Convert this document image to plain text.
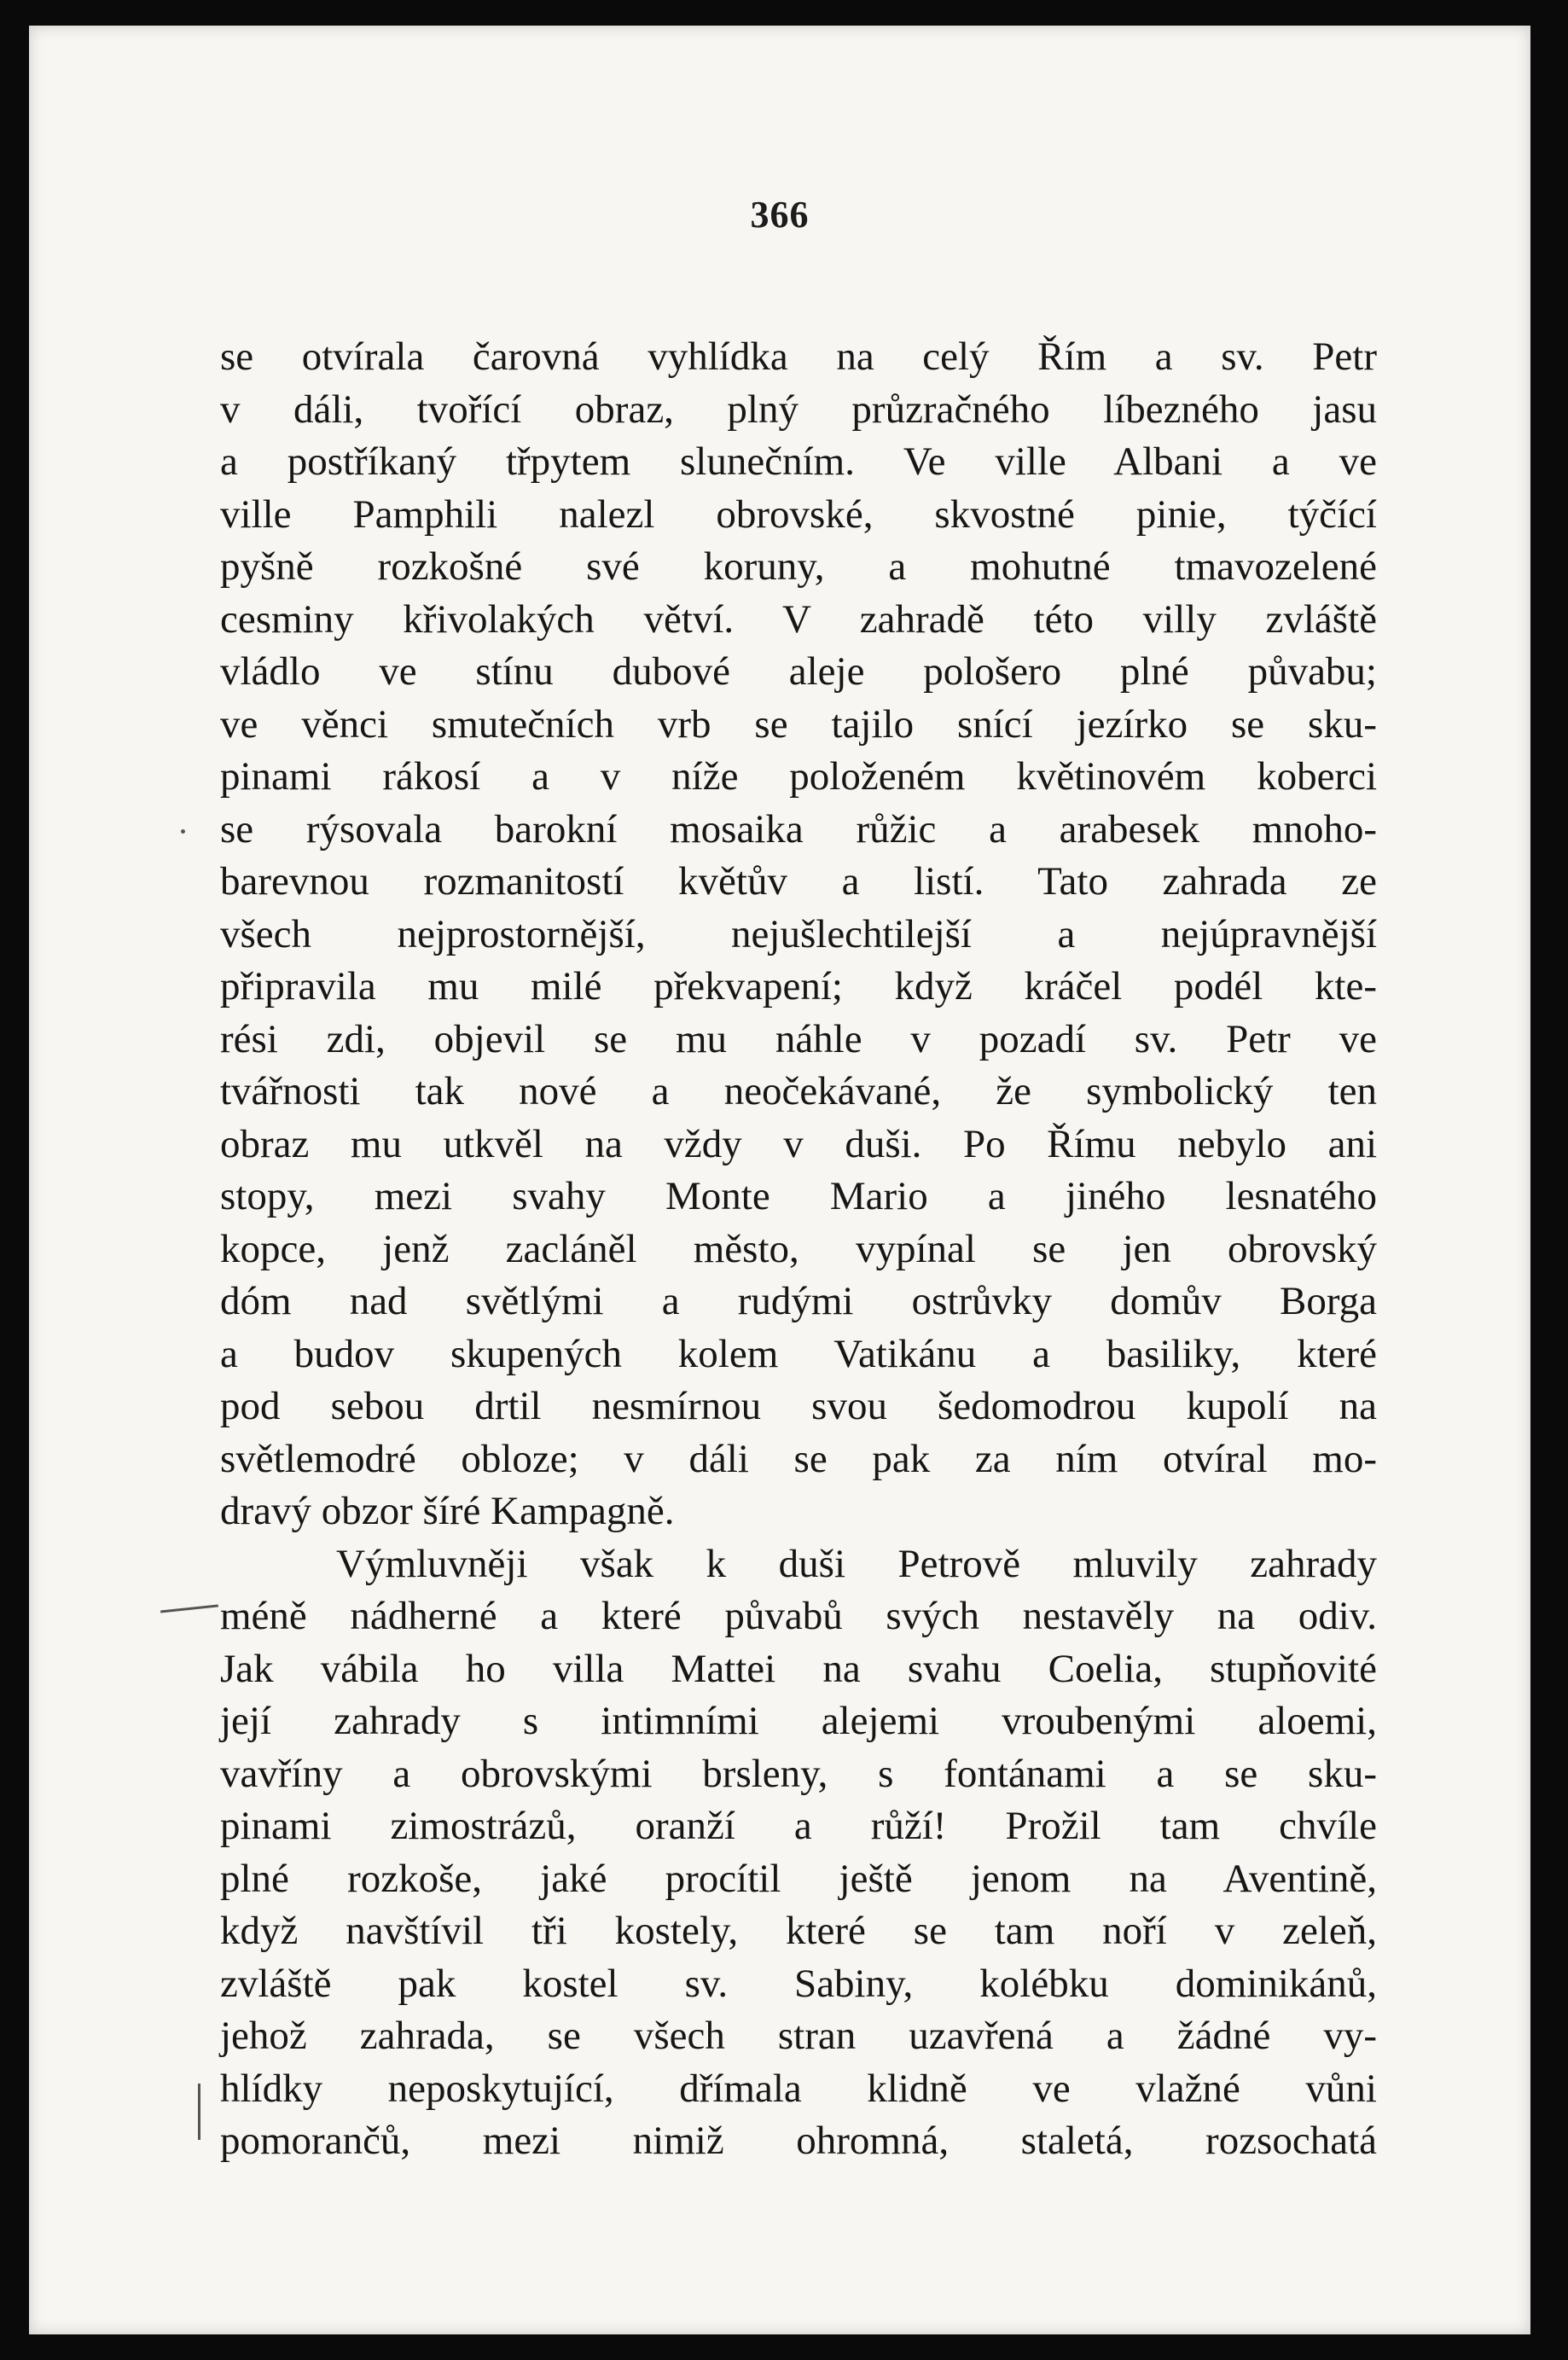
366
se otvírala čarovná vyhlídka na celý Řím a sv. Petr
v dáli, tvořící obraz, plný průzračného líbezného jasu
a postříkaný třpytem slunečním. Ve ville Albani a ve
ville Pamphili nalezl obrovské, skvostné pinie, týčící
pyšně rozkošné své koruny, a mohutné tmavozelené
cesminy křivolakých větví. V zahradě této villy zvláště
vládlo ve stínu dubové aleje pološero plné půvabu;
ve věnci smutečních vrb se tajilo snící jezírko se sku-
pinami rákosí a v níže položeném květinovém koberci
se rýsovala barokní mosaika růžic a arabesek mnoho-
barevnou rozmanitostí květův a listí. Tato zahrada ze
všech nejprostornější, nejušlechtilejší a nejúpravnější
připravila mu milé překvapení; když kráčel podél kte-
rési zdi, objevil se mu náhle v pozadí sv. Petr ve
tvářnosti tak nové a neočekávané, že symbolický ten
obraz mu utkvěl na vždy v duši. Po Římu nebylo ani
stopy, mezi svahy Monte Mario a jiného lesnatého
kopce, jenž zacláněl město, vypínal se jen obrovský
dóm nad světlými a rudými ostrůvky domův Borga
a budov skupených kolem Vatikánu a basiliky, které
pod sebou drtil nesmírnou svou šedomodrou kupolí na
světlemodré obloze; v dáli se pak za ním otvíral mo-
dravý obzor šíré Kampagně.
Výmluvněji však k duši Petrově mluvily zahrady
méně nádherné a které půvabů svých nestavěly na odiv.
Jak vábila ho villa Mattei na svahu Coelia, stupňovité
její zahrady s intimními alejemi vroubenými aloemi,
vavříny a obrovskými brsleny, s fontánami a se sku-
pinami zimostrázů, oranží a růží! Prožil tam chvíle
plné rozkoše, jaké procítil ještě jenom na Aventině,
když navštívil tři kostely, které se tam noří v zeleň,
zvláště pak kostel sv. Sabiny, kolébku dominikánů,
jehož zahrada, se všech stran uzavřená a žádné vy-
hlídky neposkytující, dřímala klidně ve vlažné vůni
pomorančů, mezi nimiž ohromná, staletá, rozsochatá
